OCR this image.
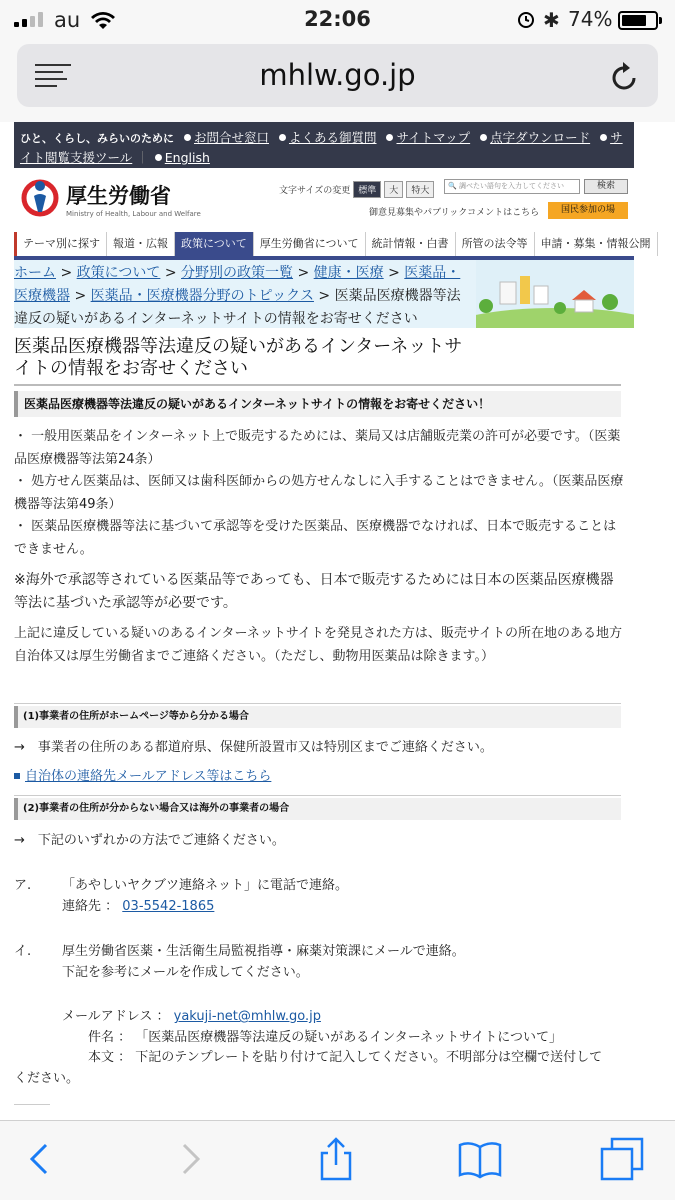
au	22:06	✱ 74%
mhlw.go.jp
ひと、くらし、みらいのために お問合せ窓口 よくある御質問 サイトマップ 点字ダウンロード サイト閲覧支援ツール ｜ English
厚生労働省
Ministry of Health, Labour and Welfare
文字サイズの変更 標準	大	特大	🔍 調べたい語句を入力してください	検索
御意見募集やパブリックコメントはこちら	国民参加の場
テーマ別に探す	報道・広報	政策について	厚生労働省について	統計情報・白書	所管の法令等	申請・募集・情報公開
ホーム > 政策について > 分野別の政策一覧 > 健康・医療 > 医薬品・医療機器 > 医薬品・医療機器分野のトピックス > 医薬品医療機器等法違反の疑いがあるインターネットサイトの情報をお寄せください
医薬品医療機器等法違反の疑いがあるインターネットサイトの情報をお寄せください
医薬品医療機器等法違反の疑いがあるインターネットサイトの情報をお寄せください！
・ 一般用医薬品をインターネット上で販売するためには、薬局又は店舗販売業の許可が必要です。（医薬品医療機器等法第24条）
・ 処方せん医薬品は、医師又は歯科医師からの処方せんなしに入手することはできません。（医薬品医療機器等法第49条）
・ 医薬品医療機器等法に基づいて承認等を受けた医薬品、医療機器でなければ、日本で販売することはできません。
※海外で承認等されている医薬品等であっても、日本で販売するためには日本の医薬品医療機器等法に基づいた承認等が必要です。
上記に違反している疑いのあるインターネットサイトを発見された方は、販売サイトの所在地のある地方自治体又は厚生労働省までご連絡ください。（ただし、動物用医薬品は除きます。）
(1)事業者の住所がホームページ等から分かる場合
→　事業者の住所のある都道府県、保健所設置市又は特別区までご連絡ください。
自治体の連絡先メールアドレス等はこちら
(2)事業者の住所が分からない場合又は海外の事業者の場合
→　下記のいずれかの方法でご連絡ください。
ア. 「あやしいヤクブツ連絡ネット」に電話で連絡。
連絡先 ： 03-5542-1865
イ. 厚生労働省医薬・生活衛生局監視指導・麻薬対策課にメールで連絡。
下記を参考にメールを作成してください。
メールアドレス ： yakuji-net@mhlw.go.jp
件名 ： 「医薬品医療機器等法違反の疑いがあるインターネットサイトについて」
本文 ： 下記のテンプレートを貼り付けて記入してください。不明部分は空欄で送付してください。
